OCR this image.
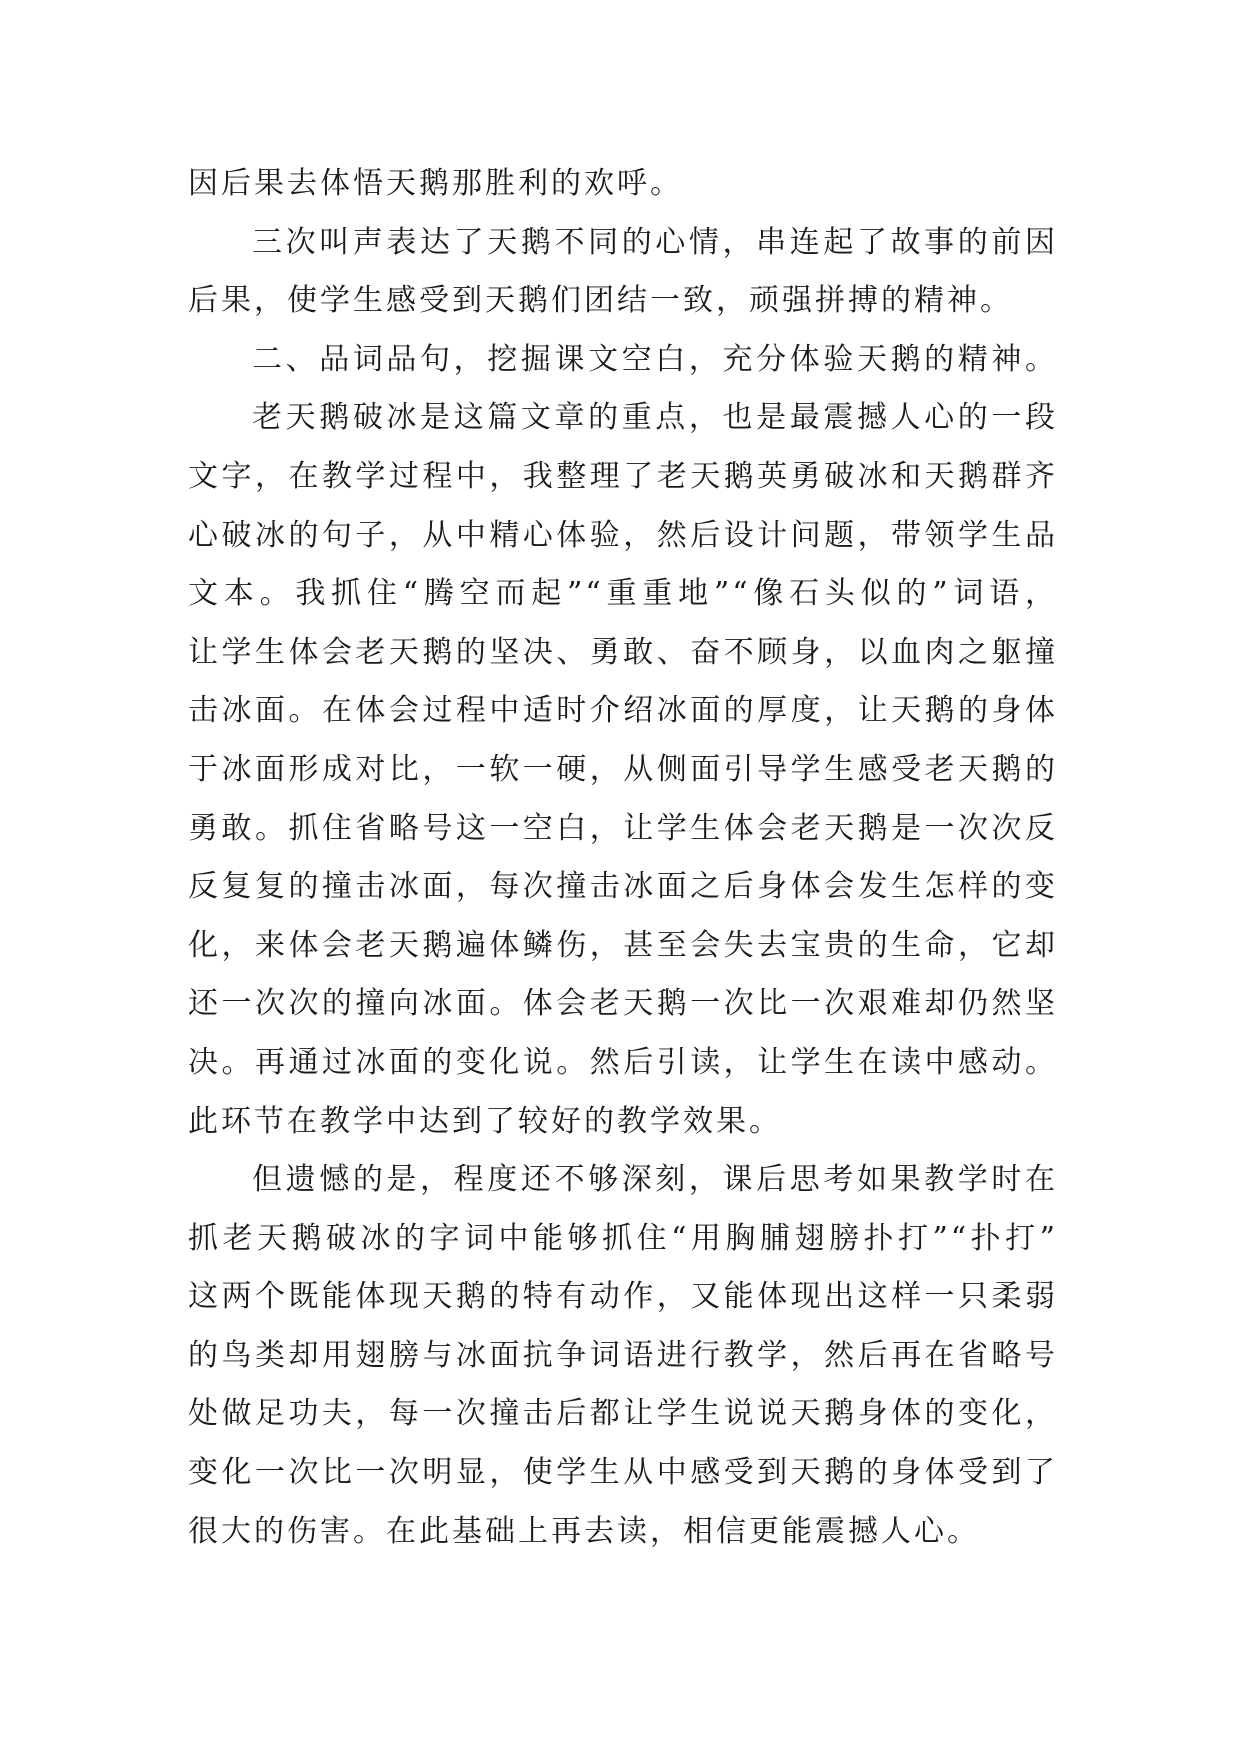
因后果去体悟天鹅那胜利的欢呼。
三次叫声表达了天鹅不同的心情，串连起了故事的前因
后果，使学生感受到天鹅们团结一致，顽强拼搏的精神。
二、品词品句，挖掘课文空白，充分体验天鹅的精神。
老天鹅破冰是这篇文章的重点，也是最震撼人心的一段
文字，在教学过程中，我整理了老天鹅英勇破冰和天鹅群齐
心破冰的句子，从中精心体验，然后设计问题，带领学生品
文本。我抓住“腾空而起”“重重地”“像石头似的”词语，
让学生体会老天鹅的坚决、勇敢、奋不顾身，以血肉之躯撞
击冰面。在体会过程中适时介绍冰面的厚度，让天鹅的身体
于冰面形成对比，一软一硬，从侧面引导学生感受老天鹅的
勇敢。抓住省略号这一空白，让学生体会老天鹅是一次次反
反复复的撞击冰面，每次撞击冰面之后身体会发生怎样的变
化，来体会老天鹅遍体鳞伤，甚至会失去宝贵的生命，它却
还一次次的撞向冰面。体会老天鹅一次比一次艰难却仍然坚
决。再通过冰面的变化说。然后引读，让学生在读中感动。
此环节在教学中达到了较好的教学效果。
但遗憾的是，程度还不够深刻，课后思考如果教学时在
抓老天鹅破冰的字词中能够抓住“用胸脯翅膀扑打”“扑打”
这两个既能体现天鹅的特有动作，又能体现出这样一只柔弱
的鸟类却用翅膀与冰面抗争词语进行教学，然后再在省略号
处做足功夫，每一次撞击后都让学生说说天鹅身体的变化，
变化一次比一次明显，使学生从中感受到天鹅的身体受到了
很大的伤害。在此基础上再去读，相信更能震撼人心。
